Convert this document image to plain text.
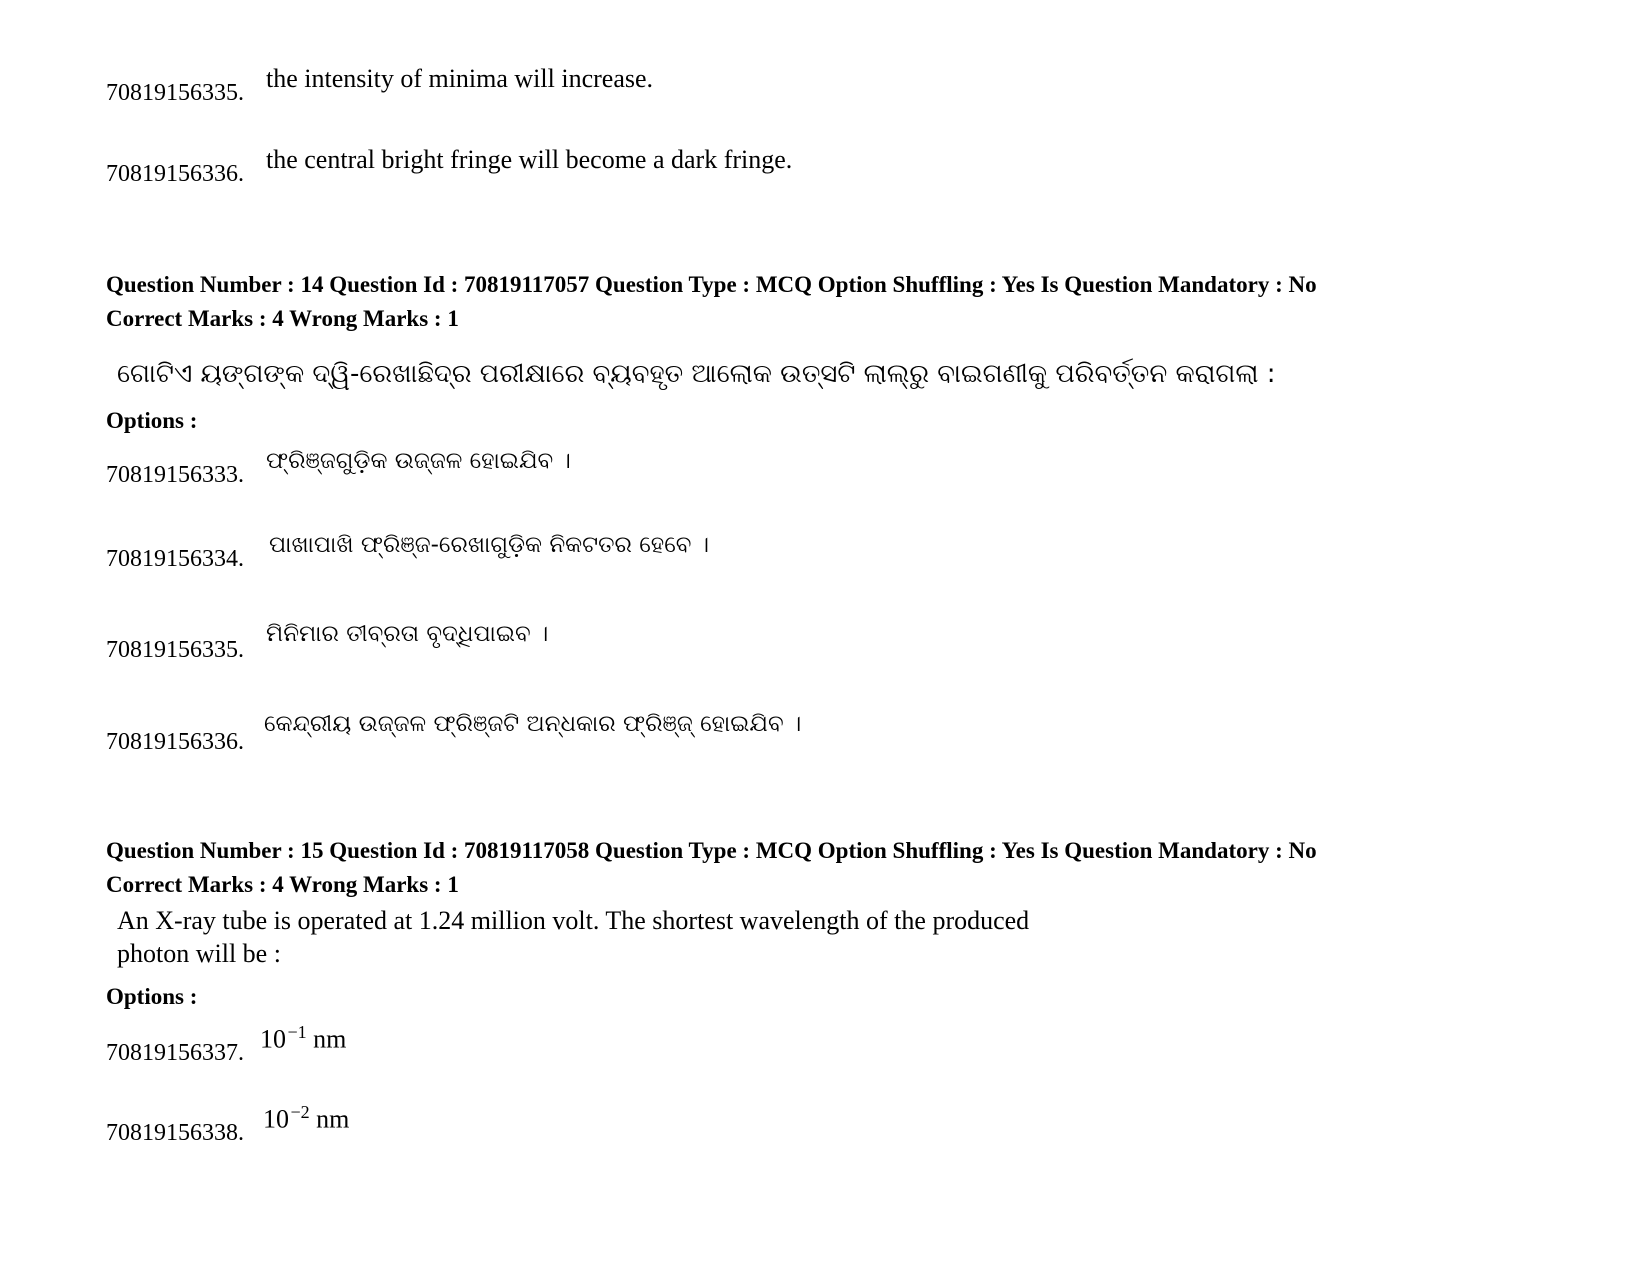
70819156335. the intensity of minima will increase.
70819156336. the central bright fringe will become a dark fringe.
Question Number : 14 Question Id : 70819117057 Question Type : MCQ Option Shuffling : Yes Is Question Mandatory : No
Correct Marks : 4 Wrong Marks : 1
ଗୋଟିଏ ୟଙ୍ଗଙ୍କ ଦ୍ୱି-ରେଖାଛିଦ୍ର ପରୀକ୍ଷାରେ ବ୍ୟବହୃତ ଆଲୋକ ଉତ୍ସଟି ଲାଲ୍‌ରୁ ବାଇଗଣୀକୁ ପରିବର୍ତ୍ତନ କରାଗଲା :
Options :
70819156333.
ଫ୍ରିଞ୍ଜଗୁଡ଼ିକ ଉଜ୍ଜଳ ହୋଇଯିବ ।
70819156334.
ପାଖାପାଖି ଫ୍ରିଞ୍ଜ-ରେଖାଗୁଡ଼ିକ ନିକଟତର ହେବେ ।
70819156335.
ମିନିମାର ତୀବ୍ରତା ବୃଦ୍ଧିପାଇବ ।
70819156336.
କେନ୍ଦ୍ରୀୟ ଉଜ୍ଜଳ ଫ୍ରିଞ୍ଜଟି ଅନ୍ଧକାର ଫ୍ରିଞ୍ଜ୍ ହୋଇଯିବ ।
Question Number : 15 Question Id : 70819117058 Question Type : MCQ Option Shuffling : Yes Is Question Mandatory : No
Correct Marks : 4 Wrong Marks : 1
An X-ray tube is operated at 1.24 million volt. The shortest wavelength of the produced
photon will be :
Options :
70819156337. 10 $^{-1}$ nm
70819156338. 10 $^{-2}$ nm
